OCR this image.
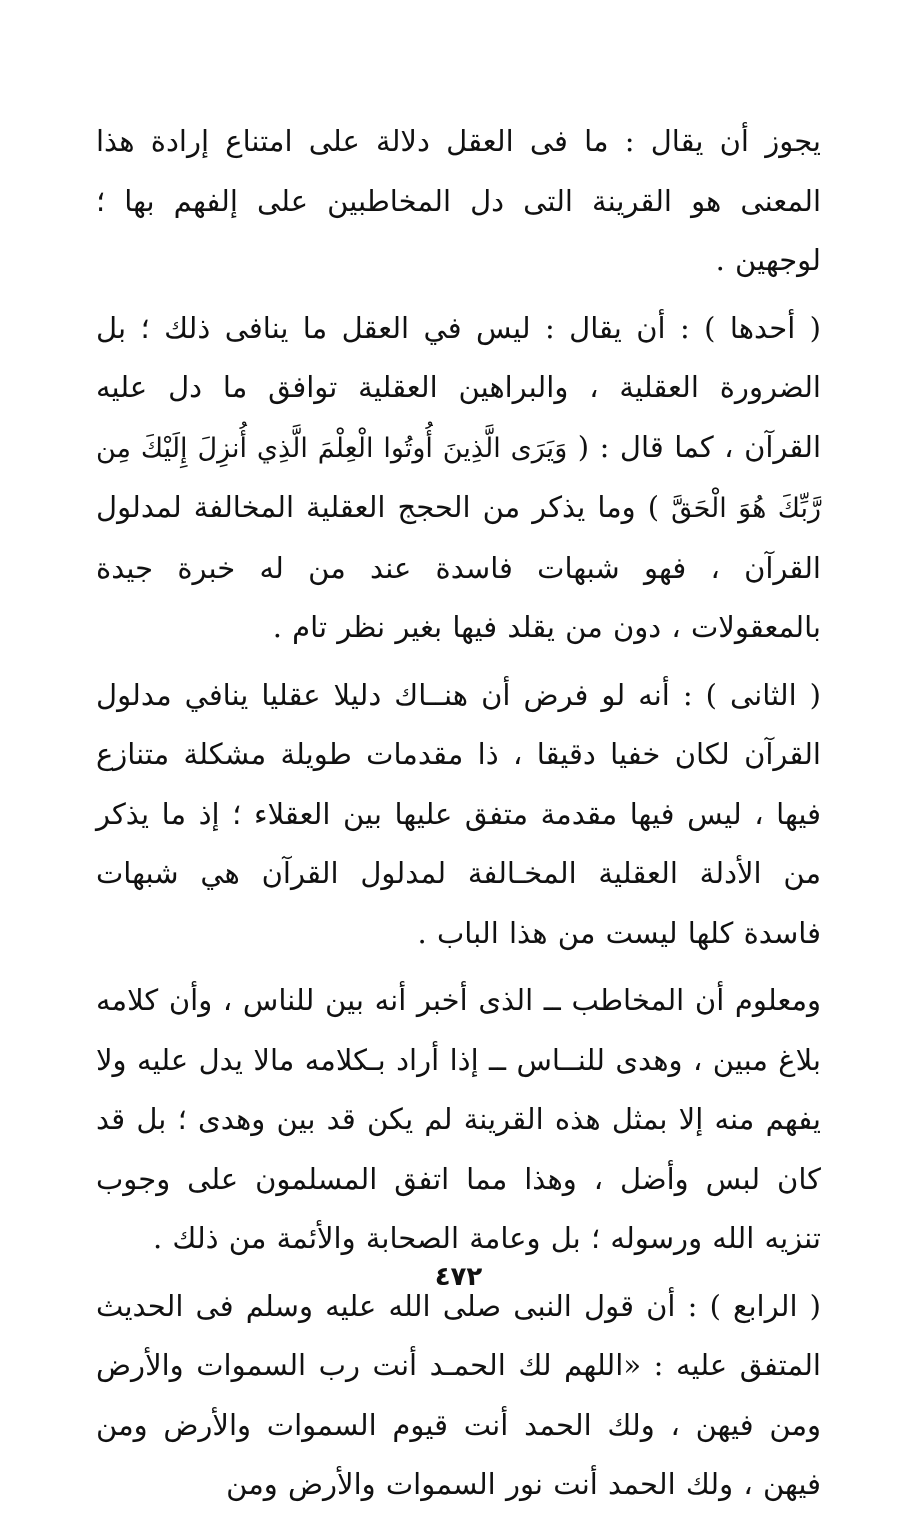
يجوز أن يقال : ما فى العقل دلالة على امتناع إرادة هذا المعنى هو القرينة التى دل المخاطبين على إلفهم بها ؛ لوجهين .

( أحدها ) : أن يقال : ليس في العقل ما ينافى ذلك ؛ بل الضرورة العقلية ، والبراهين العقلية توافق ما دل عليه القرآن ، كما قال : ( وَيَرَى الَّذِينَ أُوتُوا الْعِلْمَ الَّذِي أُنزِلَ إِلَيْكَ مِن رَّبِّكَ هُوَ الْحَقَّ ) وما يذكر من الحجج العقلية المخالفة لمدلول القرآن ، فهو شبهات فاسدة عند من له خبرة جيدة بالمعقولات ، دون من يقلد فيها بغير نظر تام .

( الثانى ) : أنه لو فرض أن هنــاك دليلا عقليا ينافي مدلول القرآن لكان خفيا دقيقا ، ذا مقدمات طويلة مشكلة متنازع فيها ، ليس فيها مقدمة متفق عليها بين العقلاء ؛ إذ ما يذكر من الأدلة العقلية المخـالفة لمدلول القرآن هي شبهات فاسدة كلها ليست من هذا الباب .

ومعلوم أن المخاطب ــ الذى أخبر أنه بين للناس ، وأن كلامه بلاغ مبين ، وهدى للنــاس ــ إذا أراد بـكلامه مالا يدل عليه ولا يفهم منه إلا بمثل هذه القرينة لم يكن قد بين وهدى ؛ بل قد كان لبس وأضل ، وهذا مما اتفق المسلمون على وجوب تنزيه الله ورسوله ؛ بل وعامة الصحابة والأئمة من ذلك .

( الرابع ) : أن قول النبى صلى الله عليه وسلم فى الحديث المتفق عليه : «اللهم لك الحمـد أنت رب السموات والأرض ومن فيهن ، ولك الحمد أنت قيوم السموات والأرض ومن فيهن ، ولك الحمد أنت نور السموات والأرض ومن

٤٧٢
